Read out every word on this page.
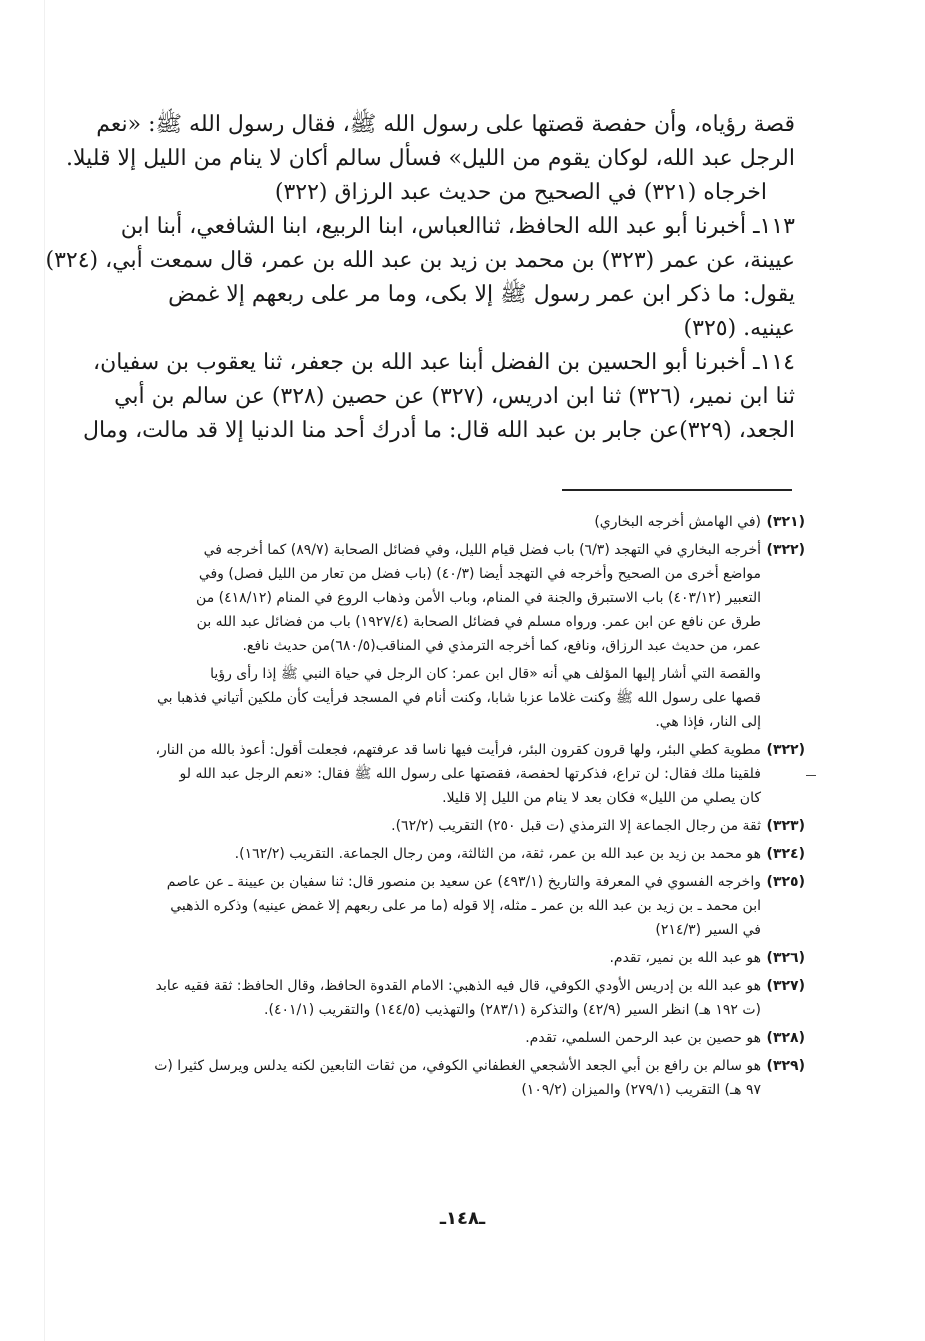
قصة رؤياه، وأن حفصة قصتها على رسول الله ﷺ، فقال رسول الله ﷺ: «نعم
الرجل عبد الله، لوكان يقوم من الليل» فسأل سالم أكان لا ينام من الليل إلا قليلا.

اخرجاه (٣٢١) في الصحيح من حديث عبد الرزاق (٣٢٢)

١١٣ـ أخبرنا أبو عبد الله الحافظ، ثناالعباس، ابنا الربيع، ابنا الشافعي، أبنا ابن
عيينة، عن عمر (٣٢٣) بن محمد بن زيد بن عبد الله بن عمر، قال سمعت أبي، (٣٢٤)
يقول: ما ذكر ابن عمر رسول ﷺ إلا بكى، وما مر على ربعهم إلا غمض
عينيه. (٣٢٥)

١١٤ـ أخبرنا أبو الحسين بن الفضل أبنا عبد الله بن جعفر، ثنا يعقوب بن سفيان،
ثنا ابن نمير، (٣٢٦) ثنا ابن ادريس، (٣٢٧) عن حصين (٣٢٨) عن سالم بن أبي
الجعد، (٣٢٩)عن جابر بن عبد الله قال: ما أدرك أحد منا الدنيا إلا قد مالت، ومال

(٣٢١)
(في الهامش أخرجه البخاري)
(٣٢٢)
أخرجه البخاري في التهجد (٦/٣) باب فضل قيام الليل، وفي فضائل الصحابة (٨٩/٧) كما أخرجه في
مواضع أخرى من الصحيح وأخرجه في التهجد أيضا (٤٠/٣) (باب فضل من تعار من الليل فصل) وفي
التعبير (٤٠٣/١٢) باب الاستبرق والجنة في المنام، وباب الأمن وذهاب الروع في المنام (٤١٨/١٢) من
طرق عن نافع عن ابن عمر. ورواه مسلم في فضائل الصحابة (١٩٢٧/٤) باب من فضائل عبد الله بن
عمر، من حديث عبد الرزاق، ونافع، كما أخرجه الترمذي في المناقب(٦٨٠/٥)من حديث نافع.
والقصة التي أشار إليها المؤلف هي أنه «قال ابن عمر: كان الرجل في حياة النبي ﷺ إذا رأى رؤيا
قصها على رسول الله ﷺ وكنت غلاما عزبا شابا، وكنت أنام في المسجد فرأيت كأن ملكين أتياني فذهبا بي
إلى النار، فإذا هي.
(٣٢٢)
مطوية كطي البئر، ولها قرون كقرون البئر، فرأيت فيها ناسا قد عرفتهم، فجعلت أقول: أعوذ بالله من النار،
فلقينا ملك فقال: لن تراع، فذكرتها لحفصة، فقصتها على رسول الله ﷺ فقال: «نعم الرجل عبد الله لو
كان يصلي من الليل» فكان بعد لا ينام من الليل إلا قليلا.
(٣٢٣)
ثقة من رجال الجماعة إلا الترمذي (ت قبل ٢٥٠) التقريب (٦٢/٢).
(٣٢٤)
هو محمد بن زيد بن عبد الله بن عمر، ثقة، من الثالثة، ومن رجال الجماعة. التقريب (١٦٢/٢).
(٣٢٥)
واخرجه الفسوي في المعرفة والتاريخ (٤٩٣/١) عن سعيد بن منصور قال: ثنا سفيان بن عيينة ـ عن عاصم
ابن محمد ـ بن زيد بن عبد الله بن عمر ـ مثله، إلا قوله (ما مر على ربعهم إلا غمض عينيه) وذكره الذهبي
في السير (٢١٤/٣)
(٣٢٦)
هو عبد الله بن نمير، تقدم.
(٣٢٧)
هو عبد الله بن إدريس الأودي الكوفي، قال فيه الذهبي: الامام القدوة الحافظ، وقال الحافظ: ثقة فقيه عابد
(ت ١٩٢ هـ) انظر السير (٤٢/٩) والتذكرة (٢٨٣/١) والتهذيب (١٤٤/٥) والتقريب (٤٠١/١).
(٣٢٨)
هو حصين بن عبد الرحمن السلمي، تقدم.
(٣٢٩)
هو سالم بن رافع بن أبي الجعد الأشجعي الغطفاني الكوفي، من ثقات التابعين لكنه يدلس ويرسل كثيرا (ت
٩٧ هـ) التقريب (٢٧٩/١) والميزان (١٠٩/٢)
ـ١٤٨ـ
